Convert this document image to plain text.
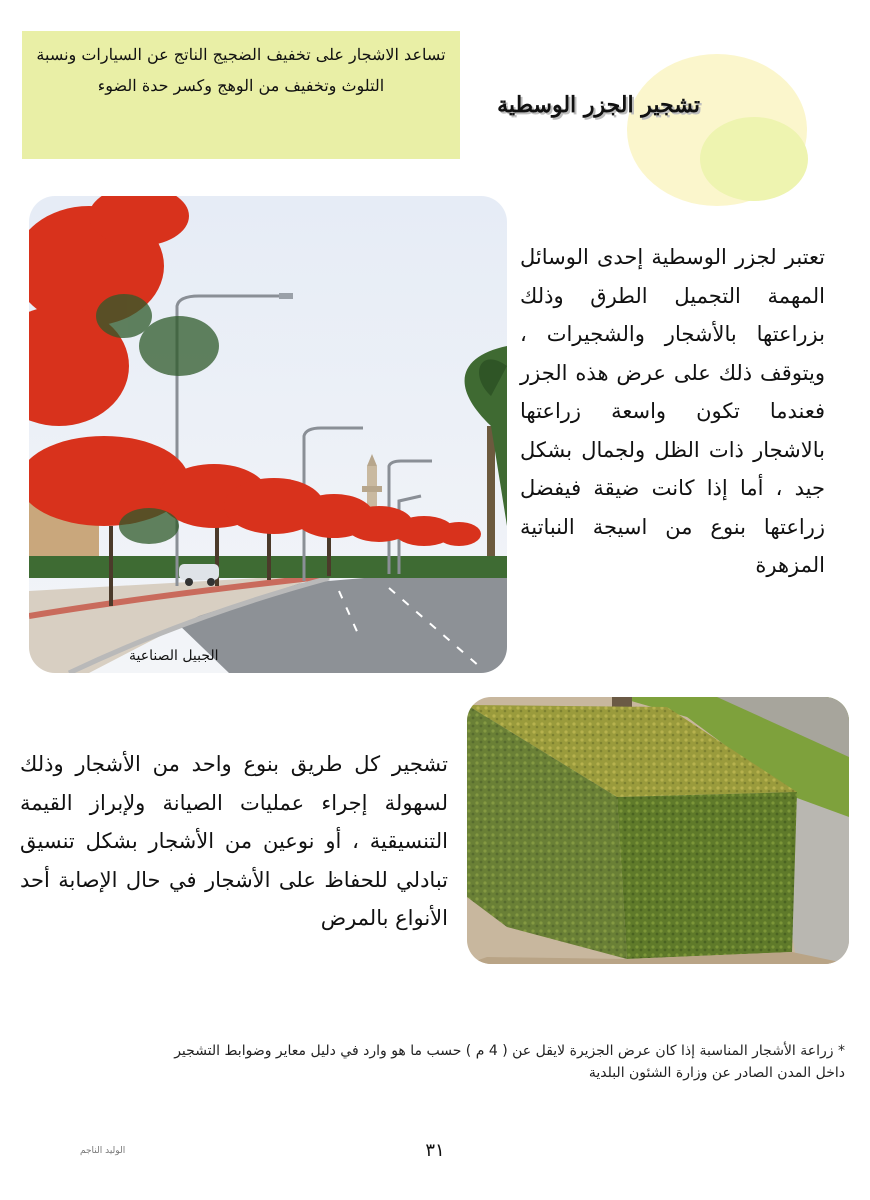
تساعد الاشجار على تخفيف الضجيج الناتج عن السيارات ونسبة التلوث وتخفيف من الوهج وكسر حدة الضوء
تشجير الجزر الوسطية
الجبيل الصناعية
تعتبر لجزر الوسطية إحدى الوسائل المهمة التجميل الطرق وذلك بزراعتها بالأشجار والشجيرات ، ويتوقف ذلك على عرض هذه الجزر فعندما تكون واسعة زراعتها بالاشجار ذات الظل ولجمال بشكل جيد ، أما إذا كانت ضيقة فيفضل زراعتها بنوع من اسيجة النباتية المزهرة
تشجير كل طريق بنوع واحد من الأشجار وذلك لسهولة إجراء عمليات الصيانة ولإبراز القيمة التنسيقية ، أو نوعين من الأشجار بشكل تنسيق تبادلي للحفاظ على الأشجار في حال الإصابة أحد الأنواع بالمرض
* زراعة الأشجار المناسبة إذا كان عرض الجزيرة لايقل عن ( 4 م ) حسب ما هو وارد في دليل معاير وضوابط التشجير
داخل المدن الصادر عن وزارة الشئون البلدية
٣١
الوليد الناجم
